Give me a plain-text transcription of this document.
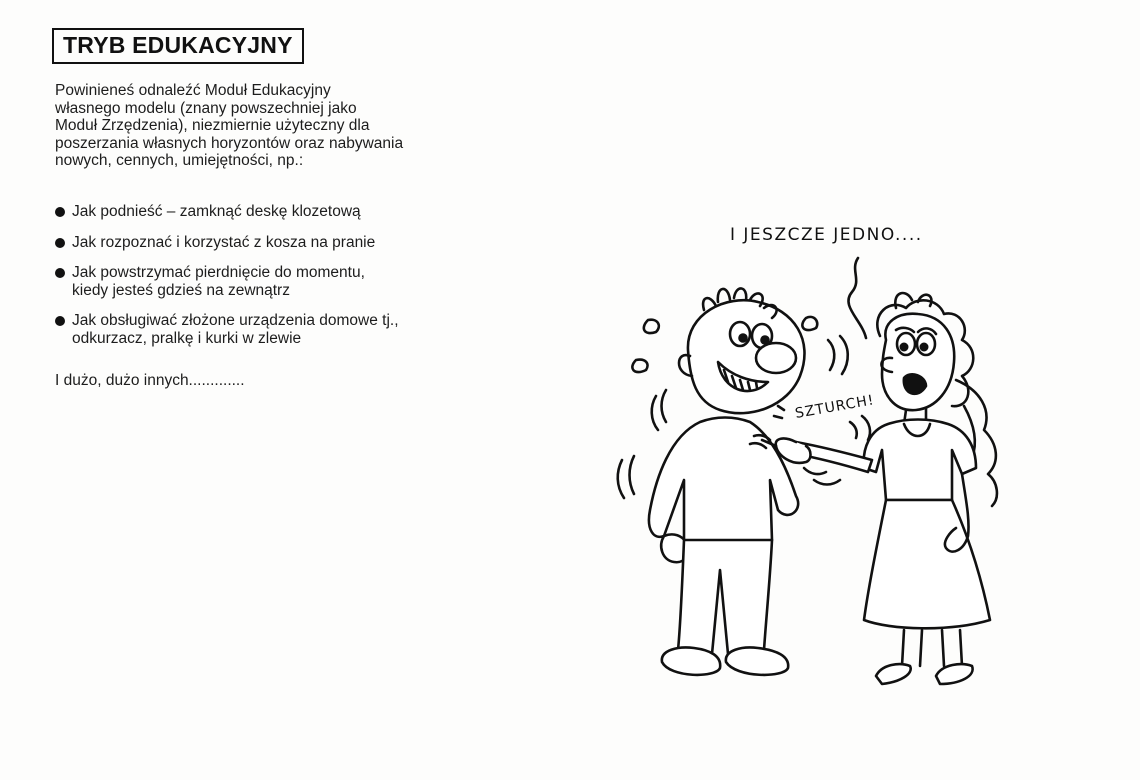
TRYB EDUKACYJNY

Powinieneś odnaleźć Moduł Edukacyjny
własnego modelu (znany powszechniej jako
Moduł Zrzędzenia), niezmiernie użyteczny dla
poszerzania własnych horyzontów oraz nabywania
nowych, cennych, umiejętności, np.:

Jak podnieść – zamknąć deskę klozetową
Jak rozpoznać i korzystać z kosza na pranie
Jak powstrzymać pierdnięcie do momentu,
kiedy jesteś gdzieś na zewnątrz
Jak obsługiwać złożone urządzenia domowe tj.,
odkurzacz, pralkę i kurki w zlewie
I dużo, dużo innych.............
I JESZCZE JEDNO....
SZTURCH!
